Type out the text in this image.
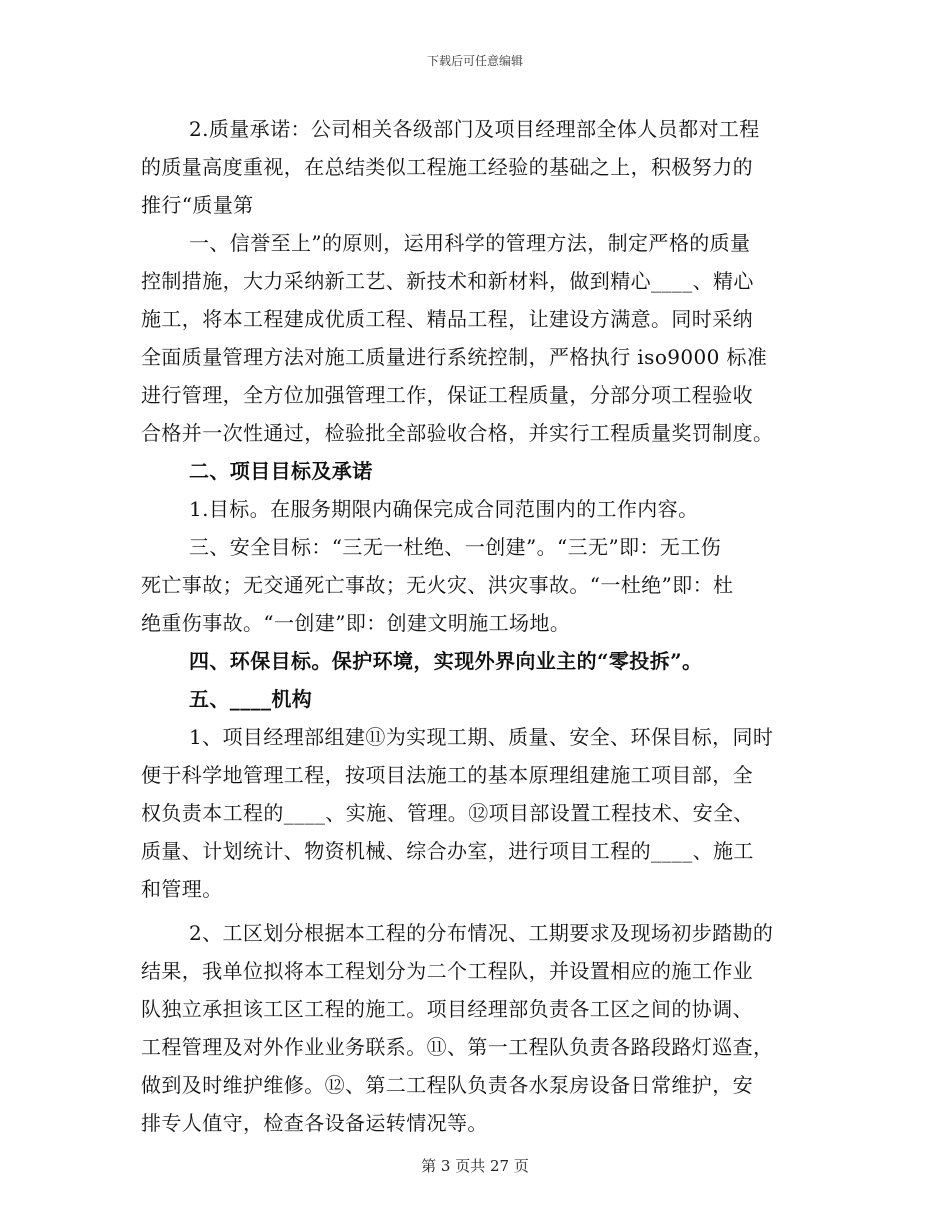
下载后可任意编辑
2.质量承诺：公司相关各级部门及项目经理部全体人员都对工程
的质量高度重视，在总结类似工程施工经验的基础之上，积极努力的
推行“质量第
一、信誉至上”的原则，运用科学的管理方法，制定严格的质量
控制措施，大力采纳新工艺、新技术和新材料，做到精心____、精心
施工，将本工程建成优质工程、精品工程，让建设方满意。同时采纳
全面质量管理方法对施工质量进行系统控制，严格执行 iso9000 标准
进行管理，全方位加强管理工作，保证工程质量，分部分项工程验收
合格并一次性通过，检验批全部验收合格，并实行工程质量奖罚制度。
二、项目目标及承诺
1.目标。在服务期限内确保完成合同范围内的工作内容。
三、安全目标：“三无一杜绝、一创建”。“三无”即：无工伤
死亡事故；无交通死亡事故；无火灾、洪灾事故。“一杜绝”即：杜
绝重伤事故。“一创建”即：创建文明施工场地。
四、环保目标。保护环境，实现外界向业主的“零投拆”。
五、____机构
1、项目经理部组建⑪为实现工期、质量、安全、环保目标，同时
便于科学地管理工程，按项目法施工的基本原理组建施工项目部，全
权负责本工程的____、实施、管理。⑫项目部设置工程技术、安全、
质量、计划统计、物资机械、综合办室，进行项目工程的____、施工
和管理。
2、工区划分根据本工程的分布情况、工期要求及现场初步踏勘的
结果，我单位拟将本工程划分为二个工程队，并设置相应的施工作业
队独立承担该工区工程的施工。项目经理部负责各工区之间的协调、
工程管理及对外作业业务联系。⑪、第一工程队负责各路段路灯巡查，
做到及时维护维修。⑫、第二工程队负责各水泵房设备日常维护，安
排专人值守，检查各设备运转情况等。
第 3 页共 27 页
